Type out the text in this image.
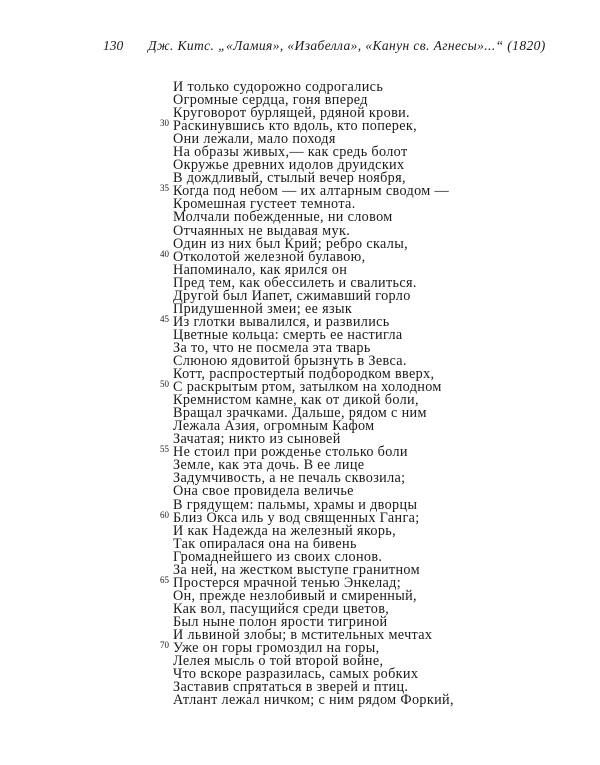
130 Дж. Китс. „«Ламия», «Изабелла», «Канун св. Агнесы»...“ (1820)
И только судорожно содрогались
Огромные сердца, гоня вперед
Круговорот бурлящей, рдяной крови.
30 Раскинувшись кто вдоль, кто поперек,
Они лежали, мало походя
На образы живых,— как средь болот
Окружье древних идолов друидских
В дождливый, стылый вечер ноября,
35 Когда под небом — их алтарным сводом —
Кромешная густеет темнота.
Молчали побежденные, ни словом
Отчаянных не выдавая мук.
Один из них был Крий; ребро скалы,
40 Отколотой железной булавою,
Напоминало, как ярился он
Пред тем, как обессилеть и свалиться.
Другой был Иапет, сжимавший горло
Придушенной змеи; ее язык
45 Из глотки вывалился, и развились
Цветные кольца: смерть ее настигла
За то, что не посмела эта тварь
Слюною ядовитой брызнуть в Зевса.
Котт, распростертый подбородком вверх,
50 С раскрытым ртом, затылком на холодном
Кремнистом камне, как от дикой боли,
Вращал зрачками. Дальше, рядом с ним
Лежала Азия, огромным Кафом
Зачатая; никто из сыновей
55 Не стоил при рожденье столько боли
Земле, как эта дочь. В ее лице
Задумчивость, а не печаль сквозила;
Она свое провидела величье
В грядущем: пальмы, храмы и дворцы
60 Близ Окса иль у вод священных Ганга;
И как Надежда на железный якорь,
Так опиралася она на бивень
Громаднейшего из своих слонов.
За ней, на жестком выступе гранитном
65 Простерся мрачной тенью Энкелад;
Он, прежде незлобивый и смиренный,
Как вол, пасущийся среди цветов,
Был ныне полон ярости тигриной
И львиной злобы; в мстительных мечтах
70 Уже он горы громоздил на горы,
Лелея мысль о той второй войне,
Что вскоре разразилась, самых робких
Заставив спрятаться в зверей и птиц.
Атлант лежал ничком; с ним рядом Форкий,
